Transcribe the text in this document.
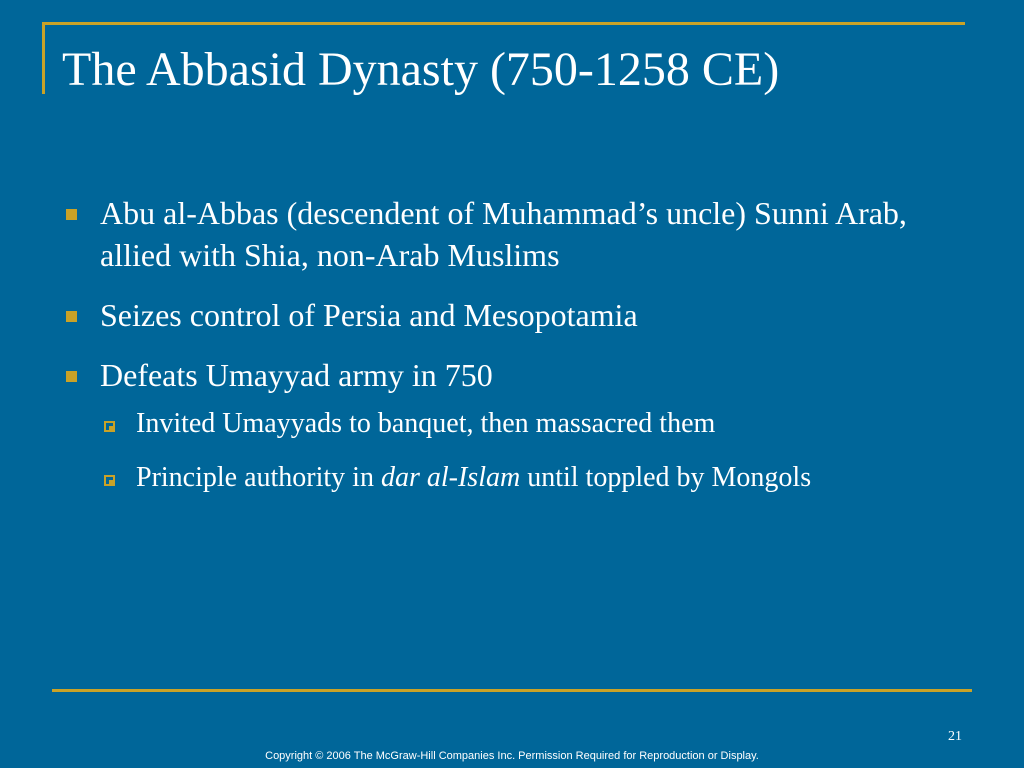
The Abbasid Dynasty (750-1258 CE)
Abu al-Abbas (descendent of Muhammad’s uncle) Sunni Arab, allied with Shia, non-Arab Muslims
Seizes control of Persia and Mesopotamia
Defeats Umayyad army in 750
Invited Umayyads to banquet, then massacred them
Principle authority in dar al-Islam until toppled by Mongols
21
Copyright © 2006 The McGraw-Hill Companies Inc. Permission Required for Reproduction or Display.
